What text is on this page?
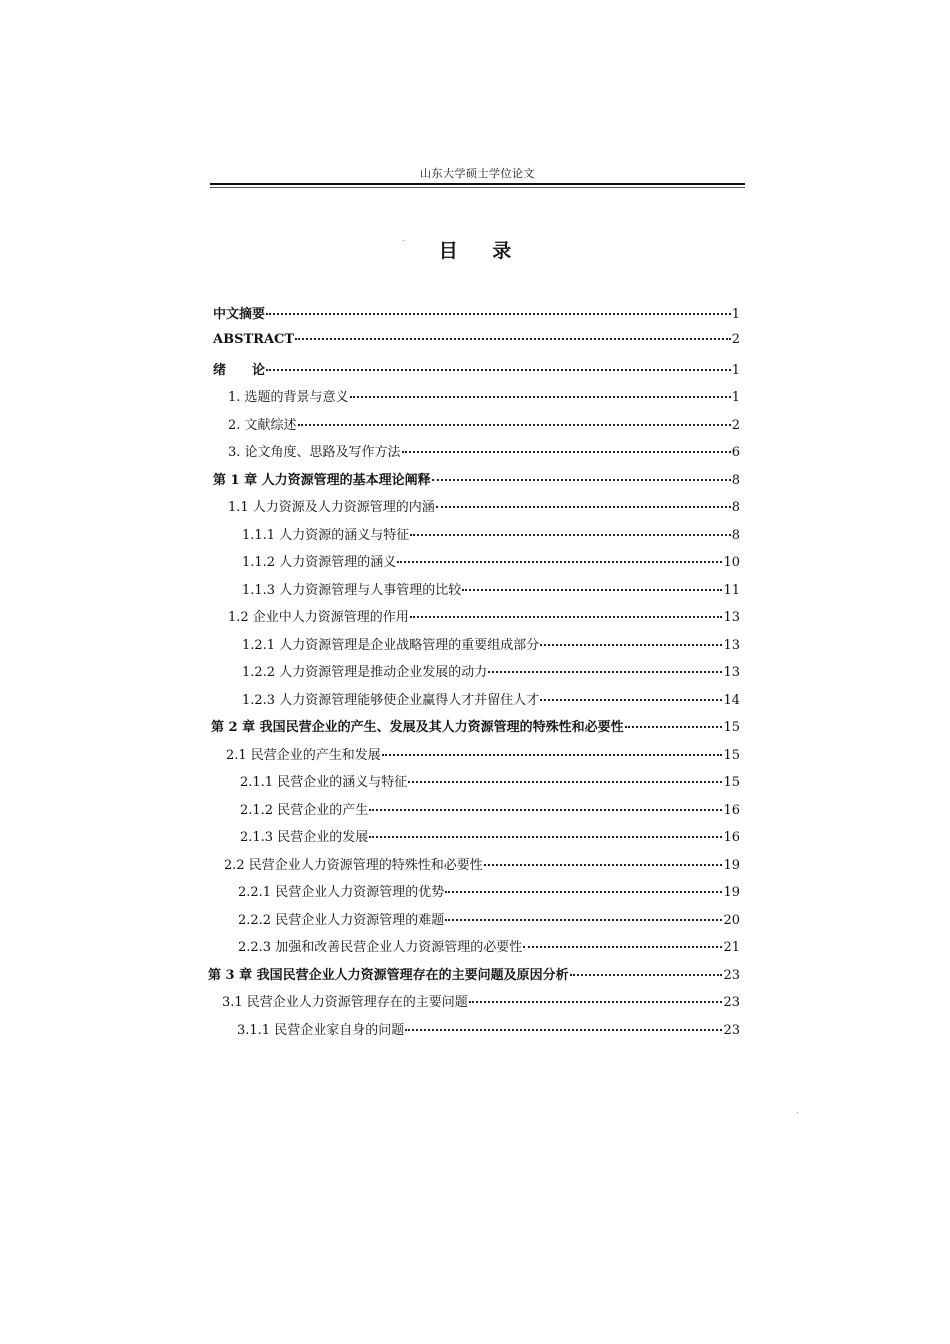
山东大学硕士学位论文
目 录
中文摘要	1
ABSTRACT	2
绪　　论	1
1. 选题的背景与意义	1
2. 文献综述	2
3. 论文角度、思路及写作方法	6
第 1 章 人力资源管理的基本理论阐释	8
1.1 人力资源及人力资源管理的内涵	8
1.1.1 人力资源的涵义与特征	8
1.1.2 人力资源管理的涵义	10
1.1.3 人力资源管理与人事管理的比较	11
1.2 企业中人力资源管理的作用	13
1.2.1 人力资源管理是企业战略管理的重要组成部分	13
1.2.2 人力资源管理是推动企业发展的动力	13
1.2.3 人力资源管理能够使企业赢得人才并留住人才	14
第 2 章 我国民营企业的产生、发展及其人力资源管理的特殊性和必要性	15
2.1 民营企业的产生和发展	15
2.1.1 民营企业的涵义与特征	15
2.1.2 民营企业的产生	16
2.1.3 民营企业的发展	16
2.2 民营企业人力资源管理的特殊性和必要性	19
2.2.1 民营企业人力资源管理的优势	19
2.2.2 民营企业人力资源管理的难题	20
2.2.3 加强和改善民营企业人力资源管理的必要性	21
第 3 章 我国民营企业人力资源管理存在的主要问题及原因分析	23
3.1 民营企业人力资源管理存在的主要问题	23
3.1.1 民营企业家自身的问题	23
